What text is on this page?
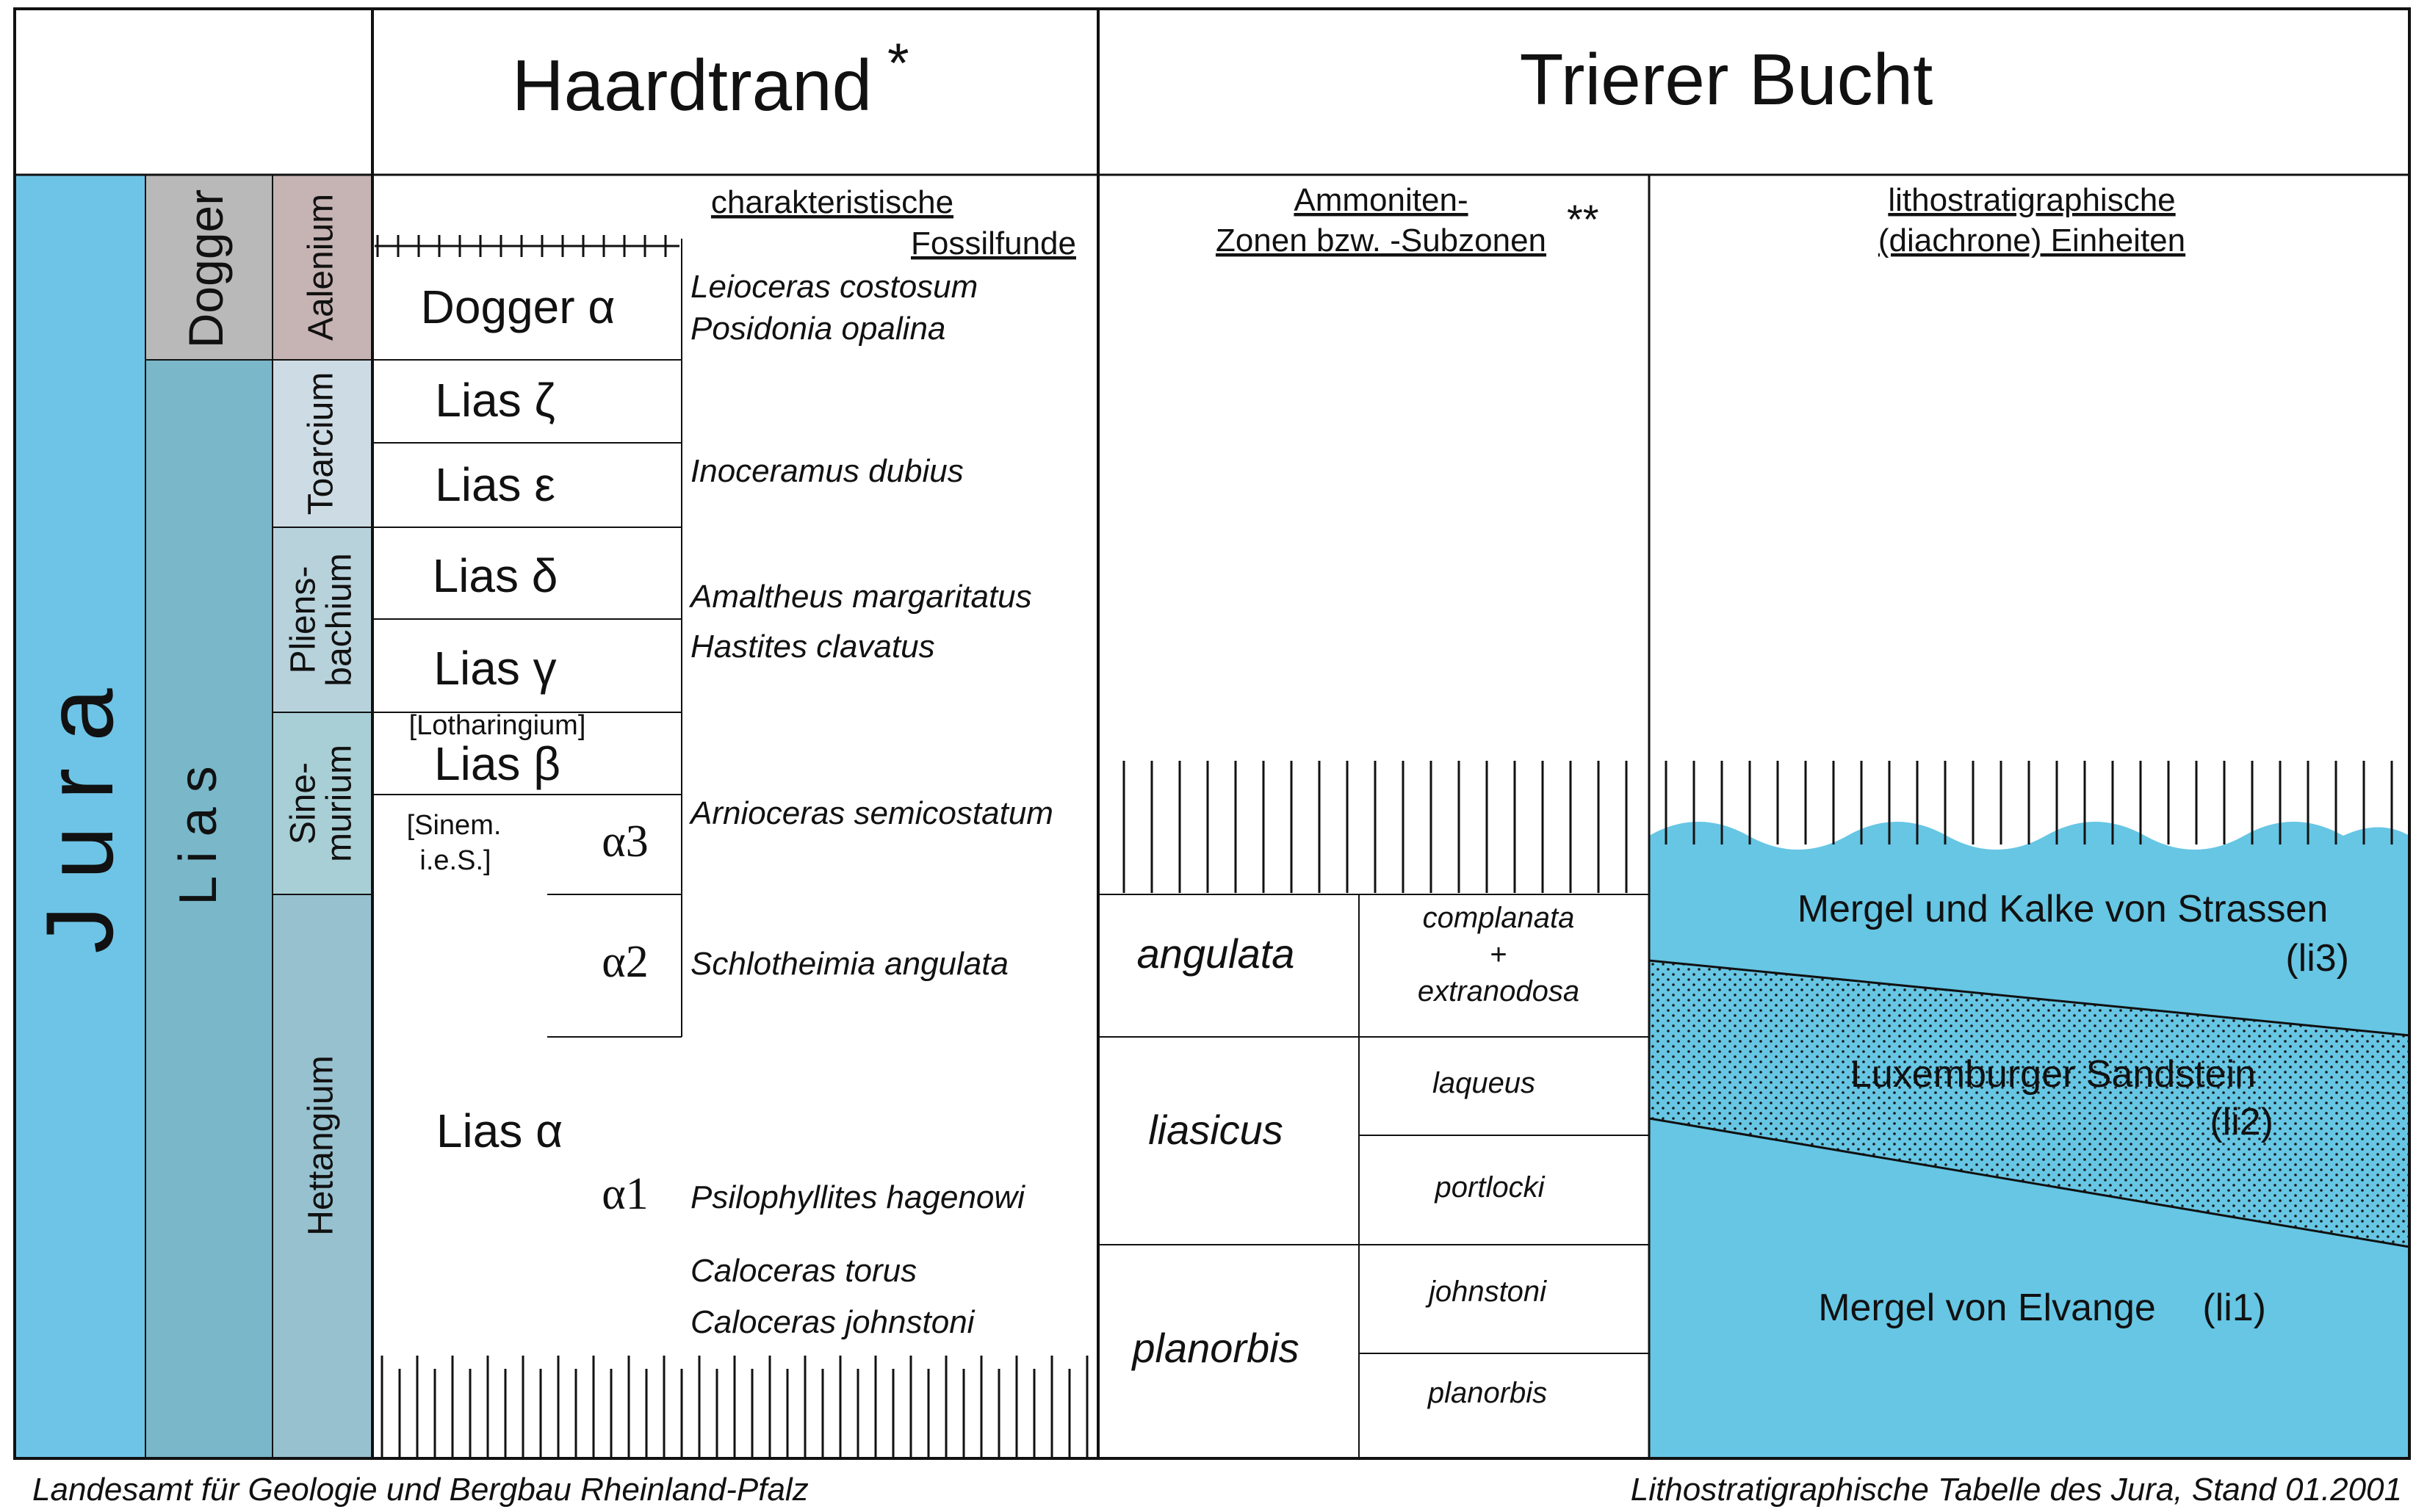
Haardtrand *	Trierer Bucht
J u r a
Dogger
L i a s
Aalenium
Toarcium
Pliens-
bachium
Sine-
murium
Hettangium
Dogger α
Lias ζ
Lias ε
Lias δ
Lias γ
[Lotharingium]
Lias β
[Sinem.
i.e.S.]
Lias α
α3
α2
α1
charakteristische
Fossilfunde
Leioceras costosum
Posidonia opalina
Inoceramus dubius
Amaltheus margaritatus
Hastites clavatus
Arnioceras semicostatum
Schlotheimia angulata
Psilophyllites hagenowi
Caloceras torus
Caloceras johnstoni
Ammoniten-
Zonen bzw. -Subzonen **
angulata
complanata
+
extranodosa
liasicus
laqueus
portlocki
planorbis
johnstoni
planorbis
lithostratigraphische
(diachrone) Einheiten
Mergel und Kalke von Strassen
(li3)
Luxemburger Sandstein
(li2)
Mergel von Elvange (li1)
Landesamt für Geologie und Bergbau Rheinland-Pfalz	Lithostratigraphische Tabelle des Jura, Stand 01.2001
